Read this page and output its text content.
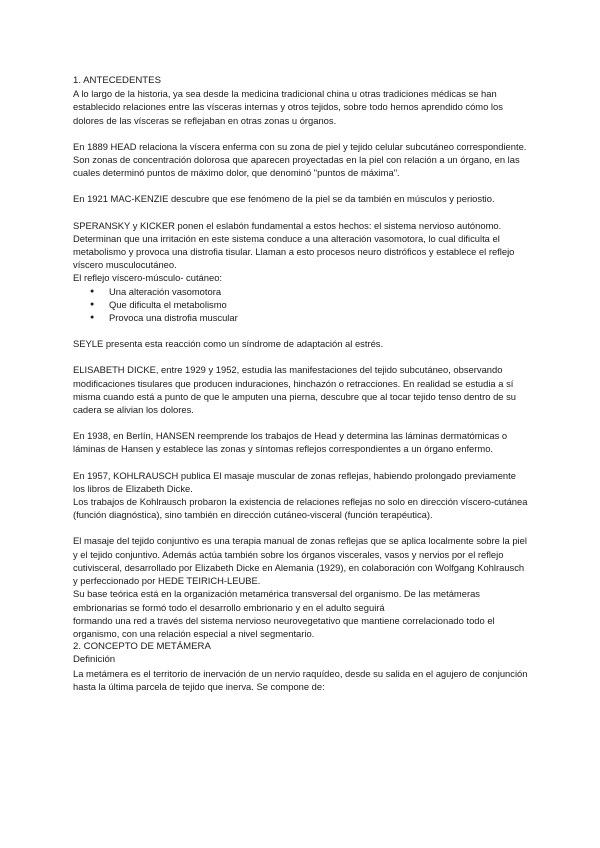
1. ANTECEDENTES

A lo largo de la historia, ya sea desde la medicina tradicional china u otras tradiciones médicas se han establecido relaciones entre las vísceras internas y otros tejidos, sobre todo hemos aprendido cómo los dolores de las vísceras se reflejaban en otras zonas u órganos.

En 1889 HEAD relaciona la víscera enferma con su zona de piel y tejido celular subcutáneo correspondiente. Son zonas de concentración dolorosa que aparecen proyectadas en la piel con relación a un órgano, en las cuales determinó puntos de máximo dolor, que denominó "puntos de máxima".

En 1921 MAC-KENZIE descubre que ese fenómeno de la piel se da también en músculos y periostio.

SPERANSKY y KICKER ponen el eslabón fundamental a estos hechos: el sistema nervioso autónomo. Determinan que una irritación en este sistema conduce a una alteración vasomotora, lo cual dificulta el metabolismo y provoca una distrofia tisular. Llaman a esto procesos neuro distróficos y establece el reflejo víscero musculocutáneo.

El reflejo víscero-músculo- cutáneo:

● Una alteración vasomotora
● Que dificulta el metabolismo
● Provoca una distrofia muscular

SEYLE presenta esta reacción como un síndrome de adaptación al estrés.

ELISABETH DICKE, entre 1929 y 1952, estudia las manifestaciones del tejido subcutáneo, observando modificaciones tisulares que producen induraciones, hinchazón o retracciones. En realidad se estudia a sí misma cuando está a punto de que le amputen una pierna, descubre que al tocar tejido tenso dentro de su cadera se alivian los dolores.

En 1938, en Berlín, HANSEN reemprende los trabajos de Head y determina las láminas dermatómicas o láminas de Hansen y establece las zonas y síntomas reflejos correspondientes a un órgano enfermo.

En 1957, KOHLRAUSCH publica El masaje muscular de zonas reflejas, habiendo prolongado previamente los libros de Elizabeth Dicke.

Los trabajos de Kohlrausch probaron la existencia de relaciones reflejas no solo en dirección víscero-cutánea (función diagnóstica), sino también en dirección cutáneo-visceral (función terapéutica).

El masaje del tejido conjuntivo es una terapia manual de zonas reflejas que se aplica localmente sobre la piel y el tejido conjuntivo. Además actúa también sobre los órganos viscerales, vasos y nervios por el reflejo cutivisceral, desarrollado por Elizabeth Dicke en Alemania (1929), en colaboración con Wolfgang Kohlrausch y perfeccionado por HEDE TEIRICH-LEUBE.

Su base teórica está en la organización metamérica transversal del organismo. De las metámeras embrionarias se formó todo el desarrollo embrionario y en el adulto seguirá

formando una red a través del sistema nervioso neurovegetativo que mantiene correlacionado todo el organismo, con una relación especial a nivel segmentario.

2. CONCEPTO DE METÁMERA

Definición

La metámera es el territorio de inervación de un nervio raquídeo, desde su salida en el agujero de conjunción hasta la última parcela de tejido que inerva. Se compone de:
